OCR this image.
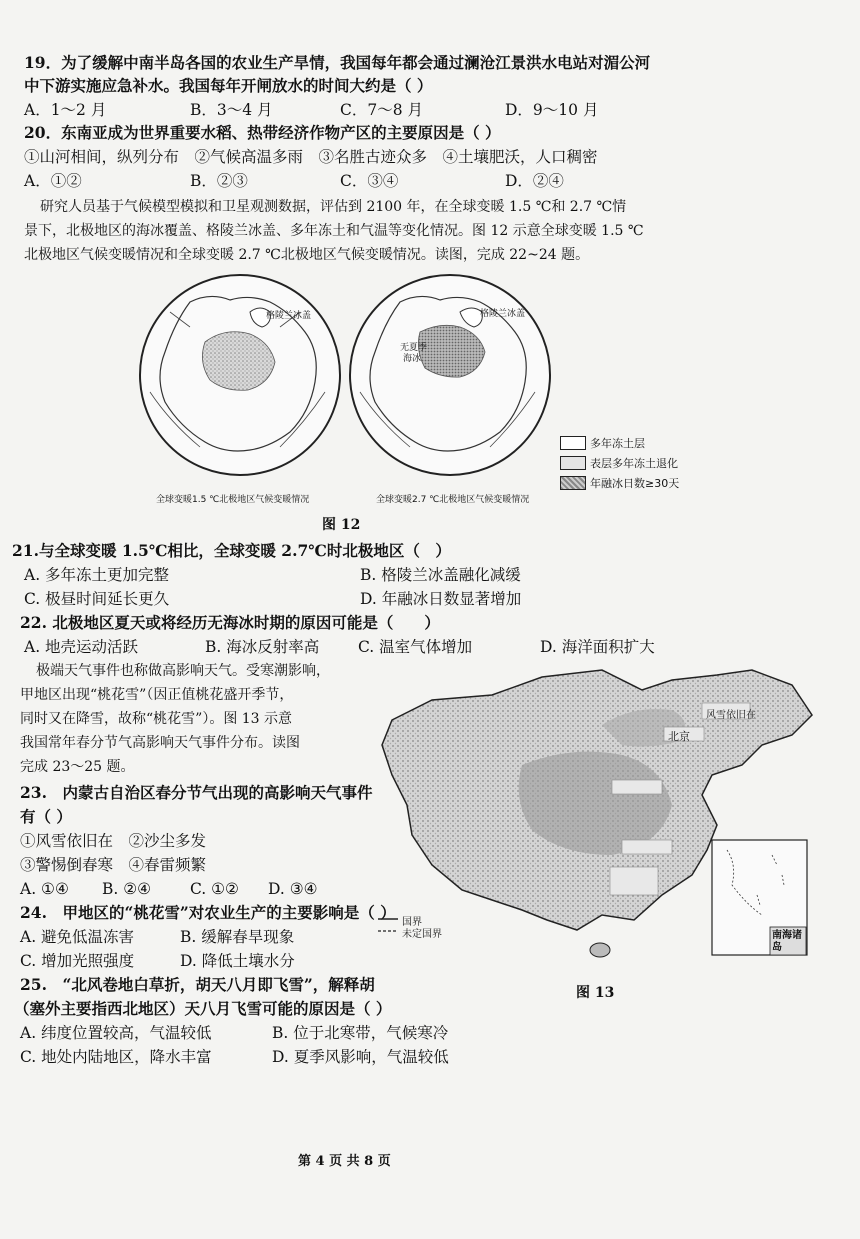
19．为了缓解中南半岛各国的农业生产旱情，我国每年都会通过澜沧江景洪水电站对湄公河
中下游实施应急补水。我国每年开闸放水的时间大约是（ ）
A．1～2 月	B．3～4 月	C．7～8 月	D．9～10 月
20．东南亚成为世界重要水稻、热带经济作物产区的主要原因是（ ）
①山河相间，纵列分布　②气候高温多雨　③名胜古迹众多　④土壤肥沃，人口稠密
A．①②	B．②③	C．③④	D．②④
研究人员基于气候模型模拟和卫星观测数据，评估到 2100 年，在全球变暖 1.5 ℃和 2.7 ℃情
景下，北极地区的海冰覆盖、格陵兰冰盖、多年冻土和气温等变化情况。图 12 示意全球变暖 1.5 ℃
北极地区气候变暖情况和全球变暖 2.7 ℃北极地区气候变暖情况。读图，完成 22~24 题。
格陵兰冰盖	格陵兰冰盖
无夏季
海冰
全球变暖1.5 ℃北极地区气候变暖情况	全球变暖2.7 ℃北极地区气候变暖情况
多年冻土层
表层多年冻土退化
年融冰日数≥30天
图 12
21.与全球变暖 1.5℃相比，全球变暖 2.7℃时北极地区（　）
A. 多年冻土更加完整	B. 格陵兰冰盖融化减缓
C. 极昼时间延长更久	D. 年融冰日数显著增加
22. 北极地区夏天或将经历无海冰时期的原因可能是（　　）
A. 地壳运动活跃	B. 海冰反射率高	C. 温室气体增加	D. 海洋面积扩大
极端天气事件也称做高影响天气。受寒潮影响，
甲地区出现“桃花雪”（因正值桃花盛开季节，
同时又在降雪，故称“桃花雪”）。图 13 示意
我国常年春分节气高影响天气事件分布。读图
完成 23～25 题。
23.　内蒙古自治区春分节气出现的高影响天气事件
有（ ）
①风雪依旧在　②沙尘多发
③警惕倒春寒　④春雷频繁
A. ①④ B. ②④	C. ①② D. ③④
24.　甲地区的“桃花雪”对农业生产的主要影响是（ ）
A. 避免低温冻害	B. 缓解春旱现象
C. 增加光照强度	D. 降低土壤水分
25.　“北风卷地白草折，胡天八月即飞雪”，解释胡
（塞外主要指西北地区）天八月飞雪可能的原因是（ ）
A. 纬度位置较高，气温较低	B. 位于北寒带，气候寒冷
C. 地处内陆地区，降水丰富	D. 夏季风影响，气温较低
风雪依旧在
北京
国界
未定国界	南海诸岛
图 13
第 4 页 共 8 页
